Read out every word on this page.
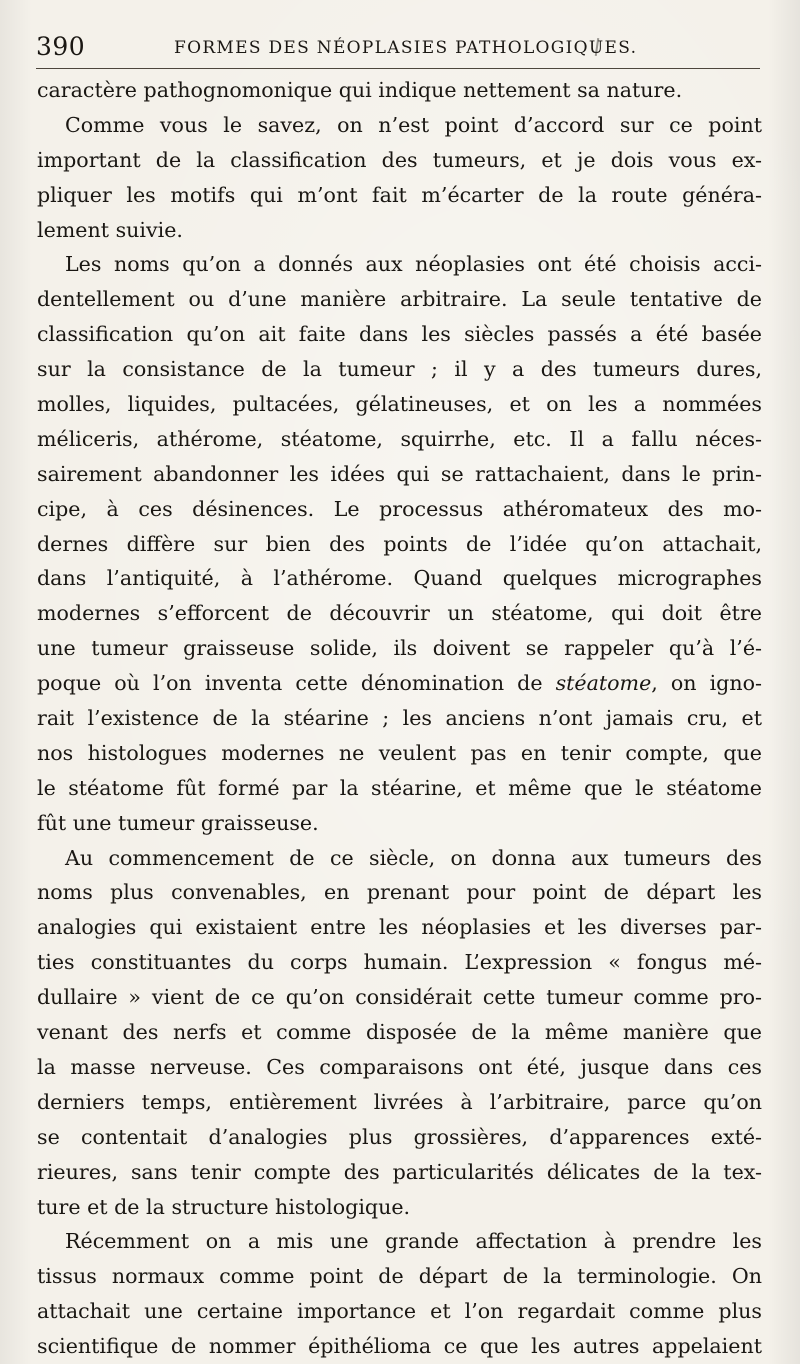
390	FORMES DES NÉOPLASIES PATHOLOGIQUES.
caractère pathognomonique qui indique nettement sa nature.
Comme vous le savez, on n’est point d’accord sur ce point
important de la classification des tumeurs, et je dois vous ex-
pliquer les motifs qui m’ont fait m’écarter de la route généra-
lement suivie.
Les noms qu’on a donnés aux néoplasies ont été choisis acci-
dentellement ou d’une manière arbitraire. La seule tentative de
classification qu’on ait faite dans les siècles passés a été basée
sur la consistance de la tumeur ; il y a des tumeurs dures,
molles, liquides, pultacées, gélatineuses, et on les a nommées
méliceris, athérome, stéatome, squirrhe, etc. Il a fallu néces-
sairement abandonner les idées qui se rattachaient, dans le prin-
cipe, à ces désinences. Le processus athéromateux des mo-
dernes diffère sur bien des points de l’idée qu’on attachait,
dans l’antiquité, à l’athérome. Quand quelques micrographes
modernes s’efforcent de découvrir un stéatome, qui doit être
une tumeur graisseuse solide, ils doivent se rappeler qu’à l’é-
poque où l’on inventa cette dénomination de stéatome, on igno-
rait l’existence de la stéarine ; les anciens n’ont jamais cru, et
nos histologues modernes ne veulent pas en tenir compte, que
le stéatome fût formé par la stéarine, et même que le stéatome
fût une tumeur graisseuse.
Au commencement de ce siècle, on donna aux tumeurs des
noms plus convenables, en prenant pour point de départ les
analogies qui existaient entre les néoplasies et les diverses par-
ties constituantes du corps humain. L’expression « fongus mé-
dullaire » vient de ce qu’on considérait cette tumeur comme pro-
venant des nerfs et comme disposée de la même manière que
la masse nerveuse. Ces comparaisons ont été, jusque dans ces
derniers temps, entièrement livrées à l’arbitraire, parce qu’on
se contentait d’analogies plus grossières, d’apparences exté-
rieures, sans tenir compte des particularités délicates de la tex-
ture et de la structure histologique.
Récemment on a mis une grande affectation à prendre les
tissus normaux comme point de départ de la terminologie. On
attachait une certaine importance et l’on regardait comme plus
scientifique de nommer épithélioma ce que les autres appelaient
